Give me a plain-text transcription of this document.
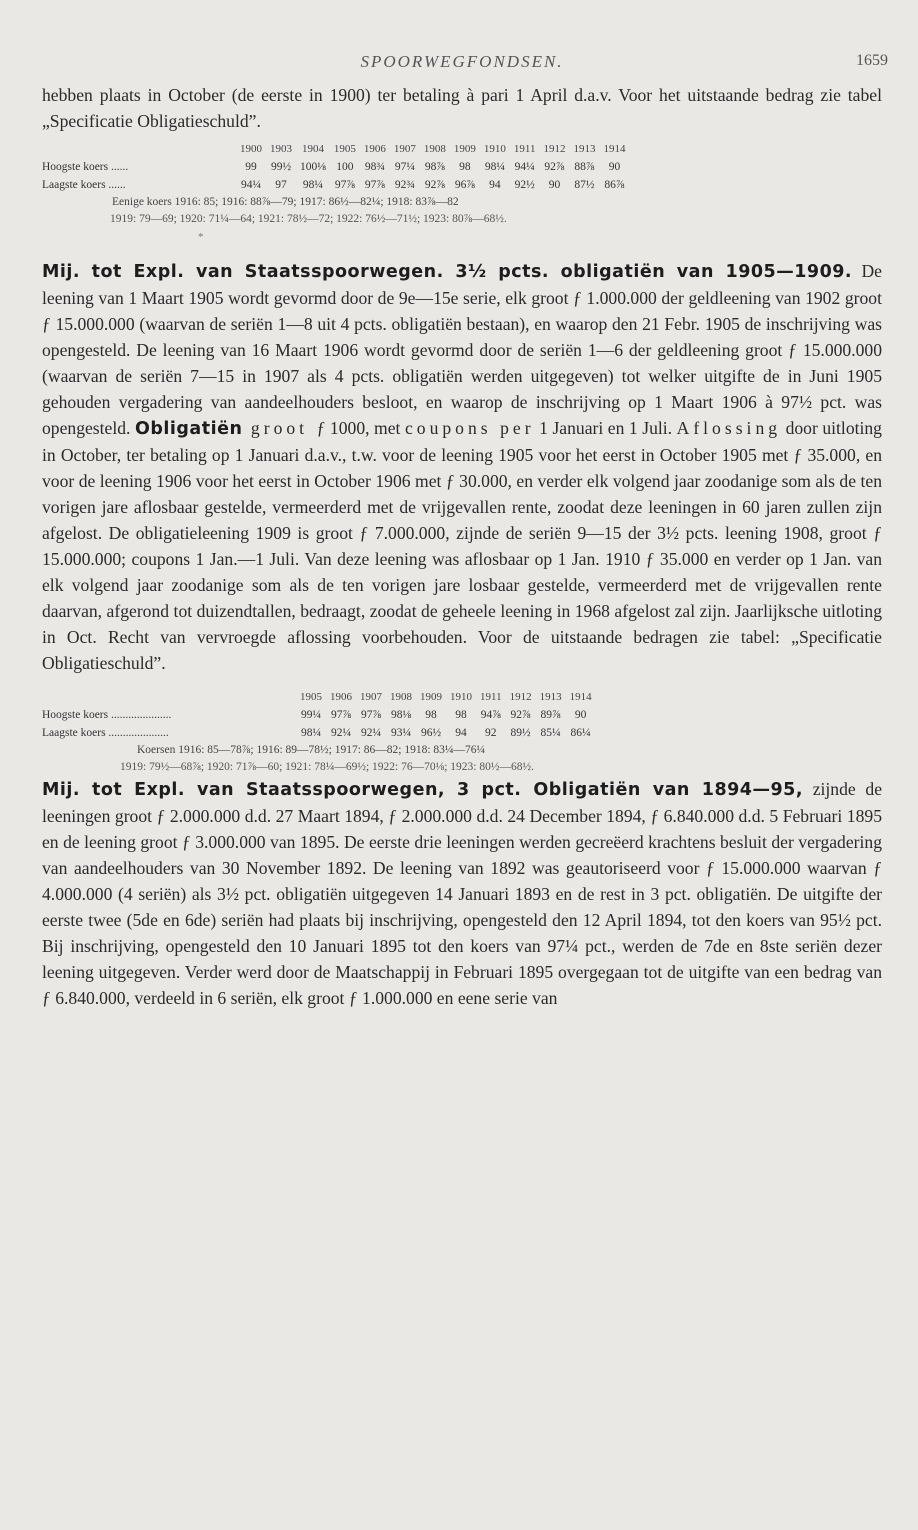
SPOORWEGFONDSEN.	1659

hebben plaats in October (de eerste in 1900) ter betaling à pari 1 April d.a.v. Voor het uitstaande bedrag zie tabel „Specificatie Obligatieschuld”.

	1900	1903	1904	1905	1906	1907	1908	1909	1910	1911	1912	1913	1914
Hoogste koers ......	99	99½	100⅛	100	98¾	97¼	98⅞	98	98¼	94¼	92⅞	88⅞	90
Laagste koers ......	94¼	97	98¼	97⅞	97⅞	92¾	92⅞	96⅞	94	92½	90	87½	86⅞
Eenige koers 1916: 85; 1916: 88⅞—79; 1917: 86½—82¼; 1918: 83⅞—82
1919: 79—69; 1920: 71¼—64; 1921: 78½—72; 1922: 76½—71½; 1923: 80⅞—68½.
*

Mij. tot Expl. van Staatsspoorwegen. 3½ pcts. obligatiën van 1905—1909. De leening van 1 Maart 1905 wordt gevormd door de 9e—15e serie, elk groot ƒ 1.000.000 der geldleening van 1902 groot ƒ 15.000.000 (waarvan de seriën 1—8 uit 4 pcts. obligatiën bestaan), en waarop den 21 Febr. 1905 de inschrijving was opengesteld. De leening van 16 Maart 1906 wordt gevormd door de seriën 1—6 der geldleening groot ƒ 15.000.000 (waarvan de seriën 7—15 in 1907 als 4 pcts. obligatiën werden uitgegeven) tot welker uitgifte de in Juni 1905 gehouden vergadering van aandeelhouders besloot, en waarop de inschrijving op 1 Maart 1906 à 97½ pct. was opengesteld. Obligatiën groot ƒ 1000, met coupons per 1 Januari en 1 Juli. Aflossing door uitloting in October, ter betaling op 1 Januari d.a.v., t.w. voor de leening 1905 voor het eerst in October 1905 met ƒ 35.000, en voor de leening 1906 voor het eerst in October 1906 met ƒ 30.000, en verder elk volgend jaar zoodanige som als de ten vorigen jare aflosbaar gestelde, vermeerderd met de vrijgevallen rente, zoodat deze leeningen in 60 jaren zullen zijn afgelost. De obligatieleening 1909 is groot ƒ 7.000.000, zijnde de seriën 9—15 der 3½ pcts. leening 1908, groot ƒ 15.000.000; coupons 1 Jan.—1 Juli. Van deze leening was aflosbaar op 1 Jan. 1910 ƒ 35.000 en verder op 1 Jan. van elk volgend jaar zoodanige som als de ten vorigen jare losbaar gestelde, vermeerderd met de vrijgevallen rente daarvan, afgerond tot duizendtallen, bedraagt, zoodat de geheele leening in 1968 afgelost zal zijn. Jaarlijksche uitloting in Oct. Recht van vervroegde aflossing voorbehouden. Voor de uitstaande bedragen zie tabel: „Specificatie Obligatieschuld”.

	1905	1906	1907	1908	1909	1910	1911	1912	1913	1914
Hoogste koers .....................	99¼	97⅞	97⅞	98⅛	98	98	94⅞	92⅞	89⅞	90
Laagste koers .....................	98¼	92¼	92¼	93¼	96½	94	92	89½	85¼	86¼
Koersen 1916: 85—78⅞; 1916: 89—78½; 1917: 86—82; 1918: 83¼—76¼
1919: 79½—68⅞; 1920: 71⅞—60; 1921: 78¼—69½; 1922: 76—70⅛; 1923: 80½—68½.

Mij. tot Expl. van Staatsspoorwegen, 3 pct. Obligatiën van 1894—95, zijnde de leeningen groot ƒ 2.000.000 d.d. 27 Maart 1894, ƒ 2.000.000 d.d. 24 December 1894, ƒ 6.840.000 d.d. 5 Februari 1895 en de leening groot ƒ 3.000.000 van 1895. De eerste drie leeningen werden gecreëerd krachtens besluit der vergadering van aandeelhouders van 30 November 1892. De leening van 1892 was geautoriseerd voor ƒ 15.000.000 waarvan ƒ 4.000.000 (4 seriën) als 3½ pct. obligatiën uitgegeven 14 Januari 1893 en de rest in 3 pct. obligatiën. De uitgifte der eerste twee (5de en 6de) seriën had plaats bij inschrijving, opengesteld den 12 April 1894, tot den koers van 95½ pct. Bij inschrijving, opengesteld den 10 Januari 1895 tot den koers van 97¼ pct., werden de 7de en 8ste seriën dezer leening uitgegeven. Verder werd door de Maatschappij in Februari 1895 overgegaan tot de uitgifte van een bedrag van ƒ 6.840.000, verdeeld in 6 seriën, elk groot ƒ 1.000.000 en eene serie van
